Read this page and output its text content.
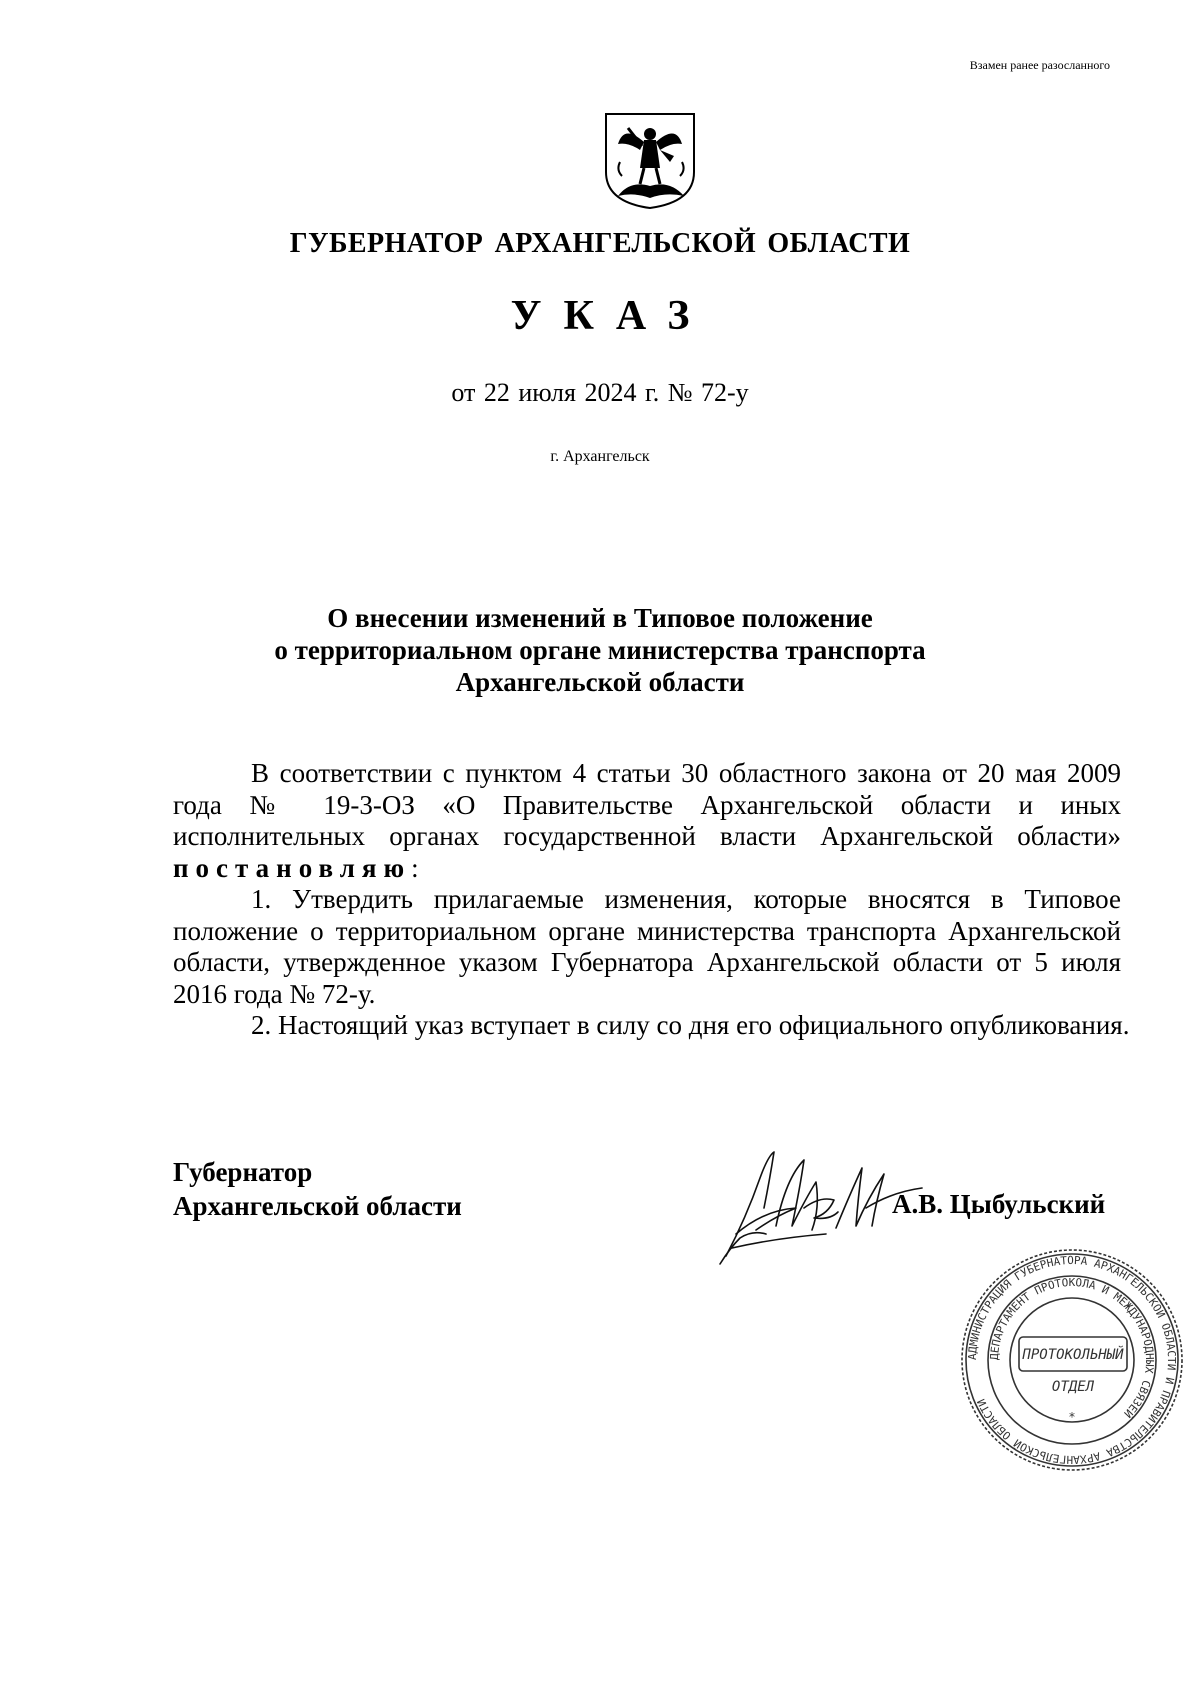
Взамен ранее разосланного
ГУБЕРНАТОР АРХАНГЕЛЬСКОЙ ОБЛАСТИ
УКАЗ
от 22 июля 2024 г. № 72-у
г. Архангельск
О внесении изменений в Типовое положение
о территориальном органе министерства транспорта
Архангельской области

В соответствии с пунктом 4 статьи 30 областного закона от 20 мая 2009 года № 19-3-ОЗ «О Правительстве Архангельской области и иных исполнительных органах государственной власти Архангельской области»

постановляю:

1. Утвердить прилагаемые изменения, которые вносятся в Типовое положение о территориальном органе министерства транспорта Архангельской области, утвержденное указом Губернатора Архангельской области от 5 июля 2016 года № 72-у.

2. Настоящий указ вступает в силу со дня его официального опубликования.

Губернатор
Архангельской области	А.В. Цыбульский
АДМИНИСТРАЦИЯ ГУБЕРНАТОРА АРХАНГЕЛЬСКОЙ ОБЛАСТИ И ПРАВИТЕЛЬСТВА АРХАНГЕЛЬСКОЙ ОБЛАСТИ
ДЕПАРТАМЕНТ ПРОТОКОЛА И МЕЖДУНАРОДНЫХ СВЯЗЕЙ
ПРОТОКОЛЬНЫЙ
ОТДЕЛ
*
